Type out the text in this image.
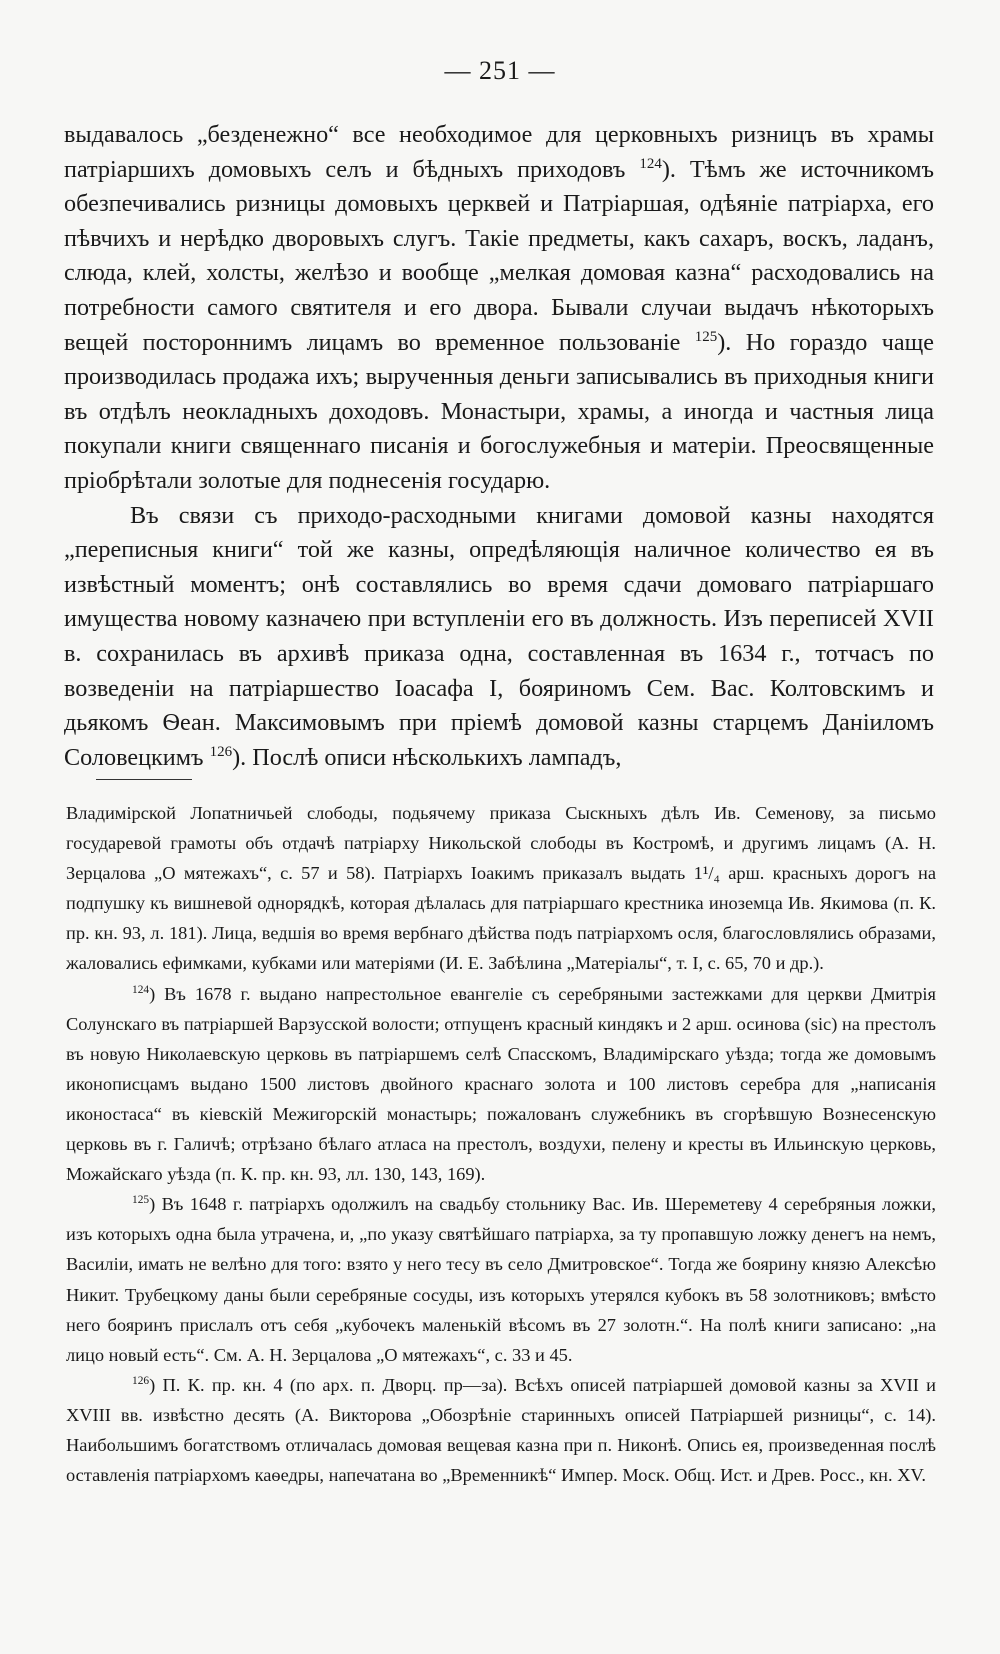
— 251 —

выдавалось „безденежно“ все необходимое для церковныхъ ризницъ въ храмы патріаршихъ домовыхъ селъ и бѣдныхъ приходовъ $^{124}$). Тѣмъ же источникомъ обезпечивались ризницы домовыхъ церквей и Патріаршая, одѣяніе патріарха, его пѣвчихъ и нерѣдко дворовыхъ слугъ. Такіе предметы, какъ сахаръ, воскъ, ладанъ, слюда, клей, холсты, желѣзо и вообще „мелкая домовая казна“ расходовались на потребности самого святителя и его двора. Бывали случаи выдачъ нѣкоторыхъ вещей постороннимъ лицамъ во временное пользованіе $^{125}$). Но гораздо чаще производилась продажа ихъ; вырученныя деньги записывались въ приходныя книги въ отдѣлъ неокладныхъ доходовъ. Монастыри, храмы, а иногда и частныя лица покупали книги священнаго писанія и богослужебныя и матеріи. Преосвященные пріобрѣтали золотые для поднесенія государю.

Въ связи съ приходо-расходными книгами домовой казны находятся „переписныя книги“ той же казны, опредѣляющія наличное количество ея въ извѣстный моментъ; онѣ составлялись во время сдачи домоваго патріаршаго имущества новому казначею при вступленіи его въ должность. Изъ переписей XVII в. сохранилась въ архивѣ приказа одна, составленная въ 1634 г., тотчасъ по возведеніи на патріаршество Іоасафа I, бояриномъ Сем. Вас. Колтовскимъ и дьякомъ Ѳеан. Максимовымъ при пріемѣ домовой казны старцемъ Даніиломъ Соловецкимъ $^{126}$). Послѣ описи нѣсколькихъ лампадъ,

Владимірской Лопатничьей слободы, подьячему приказа Сыскныхъ дѣлъ Ив. Семенову, за письмо государевой грамоты объ отдачѣ патріарху Никольской слободы въ Костромѣ, и другимъ лицамъ (А. Н. Зерцалова „О мятежахъ“, с. 57 и 58). Патріархъ Іоакимъ приказалъ выдать 1¹/₄ арш. красныхъ дорогъ на подпушку къ вишневой однорядкѣ, которая дѣлалась для патріаршаго крестника иноземца Ив. Якимова (п. К. пр. кн. 93, л. 181). Лица, ведшія во время вербнаго дѣйства подъ патріархомъ осля, благословлялись образами, жаловались ефимками, кубками или матеріями (И. Е. Забѣлина „Матеріалы“, т. I, с. 65, 70 и др.).

$^{124}$) Въ 1678 г. выдано напрестольное евангеліе съ серебряными застежками для церкви Дмитрія Солунскаго въ патріаршей Варзусской волости; отпущенъ красный киндякъ и 2 арш. осинова (sic) на престолъ въ новую Николаевскую церковь въ патріаршемъ селѣ Спасскомъ, Владимірскаго уѣзда; тогда же домовымъ иконописцамъ выдано 1500 листовъ двойного краснаго золота и 100 листовъ серебра для „написанія иконостаса“ въ кіевскій Межигорскій монастырь; пожалованъ служебникъ въ сгорѣвшую Вознесенскую церковь въ г. Галичѣ; отрѣзано бѣлаго атласа на престолъ, воздухи, пелену и кресты въ Ильинскую церковь, Можайскаго уѣзда (п. К. пр. кн. 93, лл. 130, 143, 169).

$^{125}$) Въ 1648 г. патріархъ одолжилъ на свадьбу стольнику Вас. Ив. Шереметеву 4 серебряныя ложки, изъ которыхъ одна была утрачена, и, „по указу святѣйшаго патріарха, за ту пропавшую ложку денегъ на немъ, Василіи, имать не велѣно для того: взято у него тесу въ село Дмитровское“. Тогда же боярину князю Алексѣю Никит. Трубецкому даны были серебряные сосуды, изъ которыхъ утерялся кубокъ въ 58 золотниковъ; вмѣсто него бояринъ прислалъ отъ себя „кубочекъ маленькій вѣсомъ въ 27 золотн.“. На полѣ книги записано: „на лицо новый есть“. См. А. Н. Зерцалова „О мятежахъ“, с. 33 и 45.

$^{126}$) П. К. пр. кн. 4 (по арх. п. Дворц. пр—за). Всѣхъ описей патріаршей домовой казны за XVII и XVIII вв. извѣстно десять (А. Викторова „Обозрѣніе старинныхъ описей Патріаршей ризницы“, с. 14). Наибольшимъ богатствомъ отличалась домовая вещевая казна при п. Никонѣ. Опись ея, произведенная послѣ оставленія патріархомъ каѳедры, напечатана во „Временникѣ“ Импер. Моск. Общ. Ист. и Древ. Росс., кн. XV.
